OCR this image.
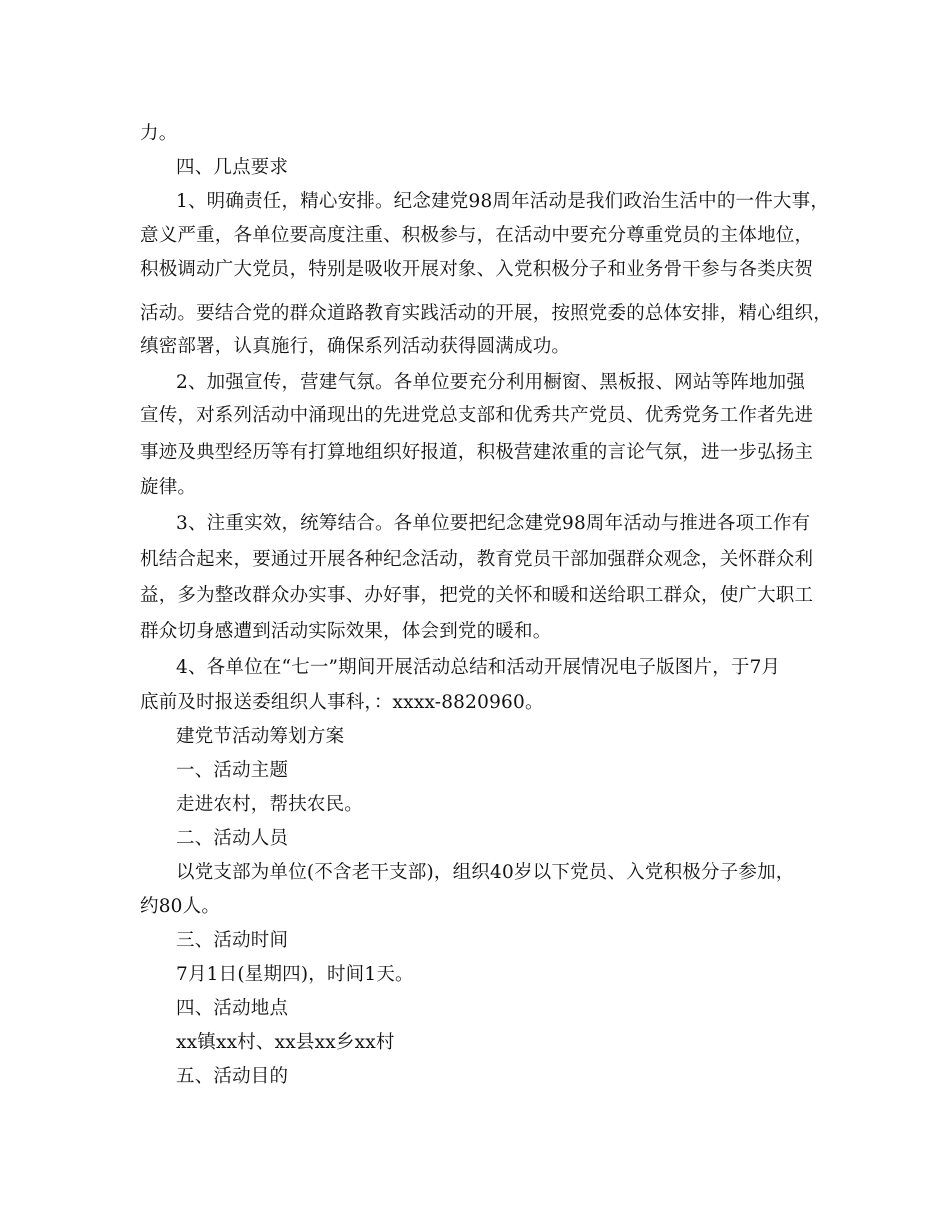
力。
四、几点要求
1、明确责任，精心安排。纪念建党98周年活动是我们政治生活中的一件大事，
意义严重，各单位要高度注重、积极参与，在活动中要充分尊重党员的主体地位，
积极调动广大党员，特别是吸收开展对象、入党积极分子和业务骨干参与各类庆贺
活动。要结合党的群众道路教育实践活动的开展，按照党委的总体安排，精心组织，
缜密部署，认真施行，确保系列活动获得圆满成功。
2、加强宣传，营建气氛。各单位要充分利用橱窗、黑板报、网站等阵地加强
宣传，对系列活动中涌现出的先进党总支部和优秀共产党员、优秀党务工作者先进
事迹及典型经历等有打算地组织好报道，积极营建浓重的言论气氛，进一步弘扬主
旋律。
3、注重实效，统筹结合。各单位要把纪念建党98周年活动与推进各项工作有
机结合起来，要通过开展各种纪念活动，教育党员干部加强群众观念，关怀群众利
益，多为整改群众办实事、办好事，把党的关怀和暖和送给职工群众，使广大职工
群众切身感遭到活动实际效果，体会到党的暖和。
4、各单位在“七一”期间开展活动总结和活动开展情况电子版图片，于7月
底前及时报送委组织人事科，：xxxx-8820960。
建党节活动筹划方案
一、活动主题
走进农村，帮扶农民。
二、活动人员
以党支部为单位(不含老干支部)，组织40岁以下党员、入党积极分子参加，
约80人。
三、活动时间
7月1日(星期四)，时间1天。
四、活动地点
xx镇xx村、xx县xx乡xx村
五、活动目的
